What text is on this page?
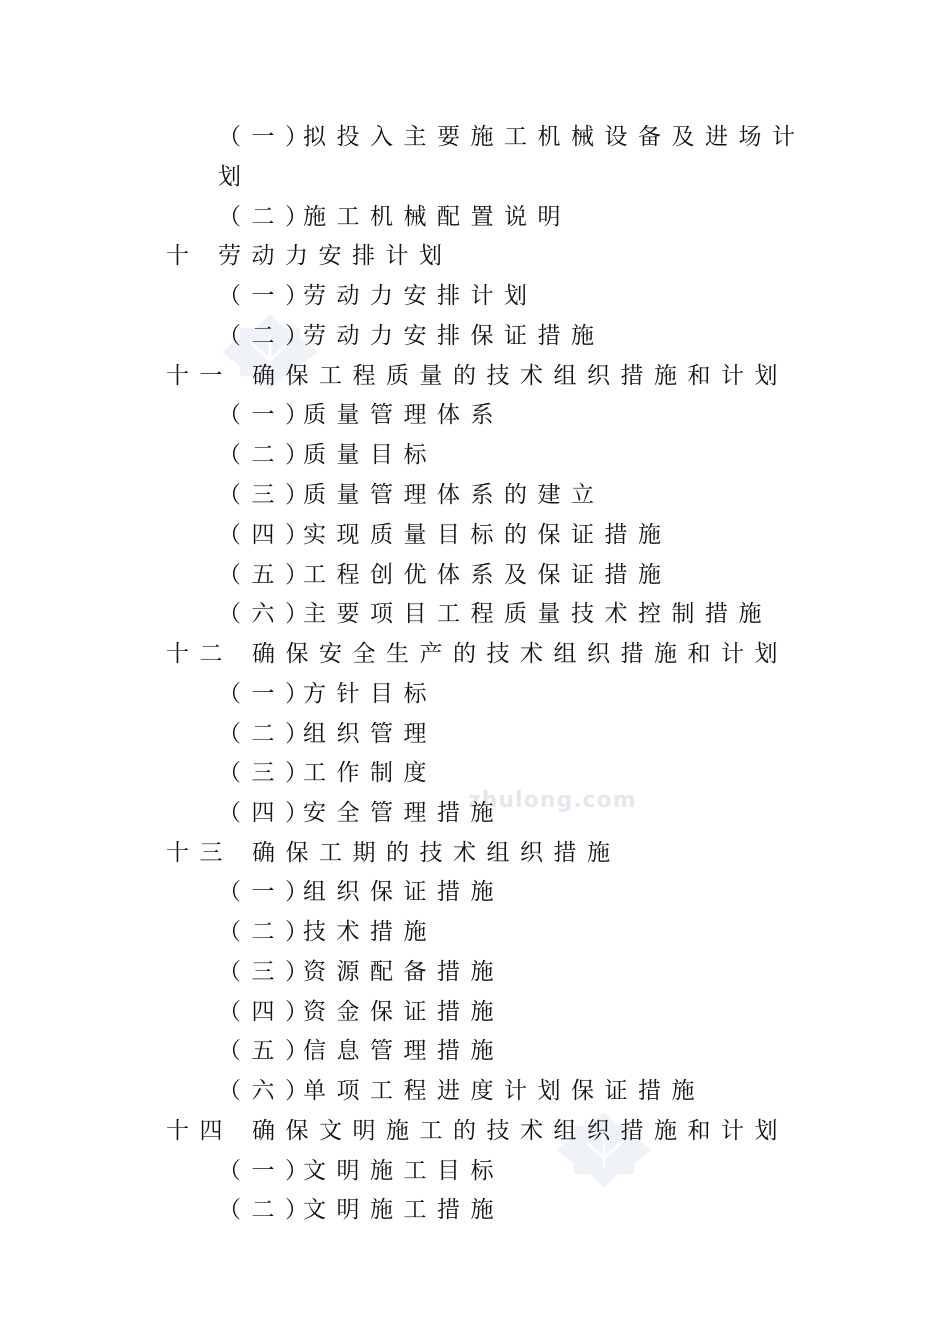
zhulong.com
（一）拟投入主要施工机械设备及进场计
划
（二）施工机械配置说明
十 劳动力安排计划
（一）劳动力安排计划
（二）劳动力安排保证措施
十一 确保工程质量的技术组织措施和计划
（一）质量管理体系
（二）质量目标
（三）质量管理体系的建立
（四）实现质量目标的保证措施
（五）工程创优体系及保证措施
（六）主要项目工程质量技术控制措施
十二 确保安全生产的技术组织措施和计划
（一）方针目标
（二）组织管理
（三）工作制度
（四）安全管理措施
十三 确保工期的技术组织措施
（一）组织保证措施
（二）技术措施
（三）资源配备措施
（四）资金保证措施
（五）信息管理措施
（六）单项工程进度计划保证措施
十四 确保文明施工的技术组织措施和计划
（一）文明施工目标
（二）文明施工措施
